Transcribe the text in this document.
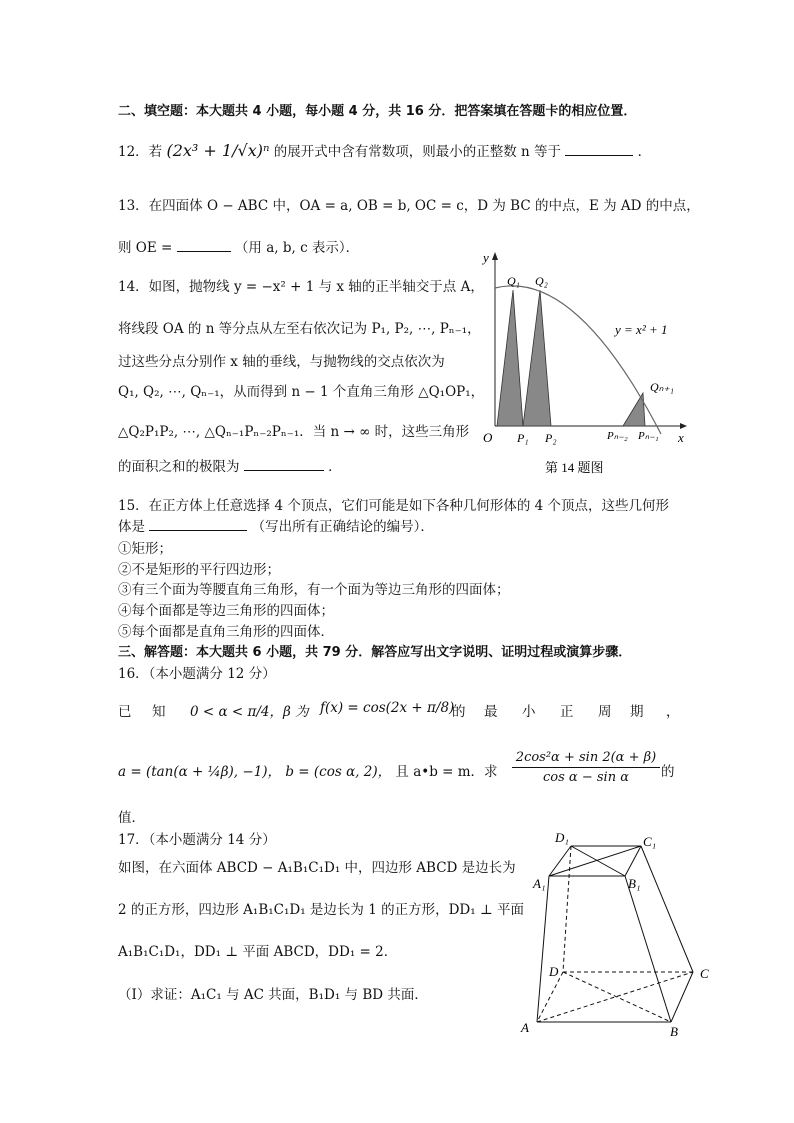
二、填空题：本大题共 4 小题，每小题 4 分，共 16 分．把答案填在答题卡的相应位置．
12．若 (2x³ + 1/√x)ⁿ 的展开式中含有常数项，则最小的正整数 n 等于	．
13．在四面体 O − ABC 中，OA = a, OB = b, OC = c，D 为 BC 的中点，E 为 AD 的中点，
则 OE =	（用 a, b, c 表示）．
14．如图，抛物线 y = −x² + 1 与 x 轴的正半轴交于点 A，
将线段 OA 的 n 等分点从左至右依次记为 P₁, P₂, ⋯, Pₙ₋₁，
过这些分点分别作 x 轴的垂线，与抛物线的交点依次为
Q₁, Q₂, ⋯, Qₙ₋₁，从而得到 n − 1 个直角三角形 △Q₁OP₁，
△Q₂P₁P₂, ⋯, △Qₙ₋₁Pₙ₋₂Pₙ₋₁．当 n → ∞ 时，这些三角形
的面积之和的极限为	．
y
x
O
Q₁ Q₂
y = x² + 1
Qₙ₊₁
P₁ P₂	Pₙ₋₂ Pₙ₋₁
第 14 题图
15．在正方体上任意选择 4 个顶点，它们可能是如下各种几何形体的 4 个顶点，这些几何形
体是	（写出所有正确结论的编号）．
①矩形；
②不是矩形的平行四边形；
③有三个面为等腰直角三角形，有一个面为等边三角形的四面体；
④每个面都是等边三角形的四面体；
⑤每个面都是直角三角形的四面体．
三、解答题：本大题共 6 小题，共 79 分．解答应写出文字说明、证明过程或演算步骤．
16．（本小题满分 12 分）
已 知 0 < α < π/4，β 为 f(x) = cos(2x + π/8)
的 最 小 正 周 期 ，
a = (tan(α + ¼β), −1)， b = (cos α, 2)， 且 a•b = m．求 $\frac{\text{2cos²α + sin 2(α + β)}}{\text{cos α − sin α}}$ 的
值．
17．（本小题满分 14 分）
如图，在六面体 ABCD − A₁B₁C₁D₁ 中，四边形 ABCD 是边长为
2 的正方形，四边形 A₁B₁C₁D₁ 是边长为 1 的正方形，DD₁ ⊥ 平面
A₁B₁C₁D₁，DD₁ ⊥ 平面 ABCD，DD₁ = 2．
（Ⅰ）求证：A₁C₁ 与 AC 共面，B₁D₁ 与 BD 共面．
D₁	C₁
A₁	B₁
D	C
A	B
